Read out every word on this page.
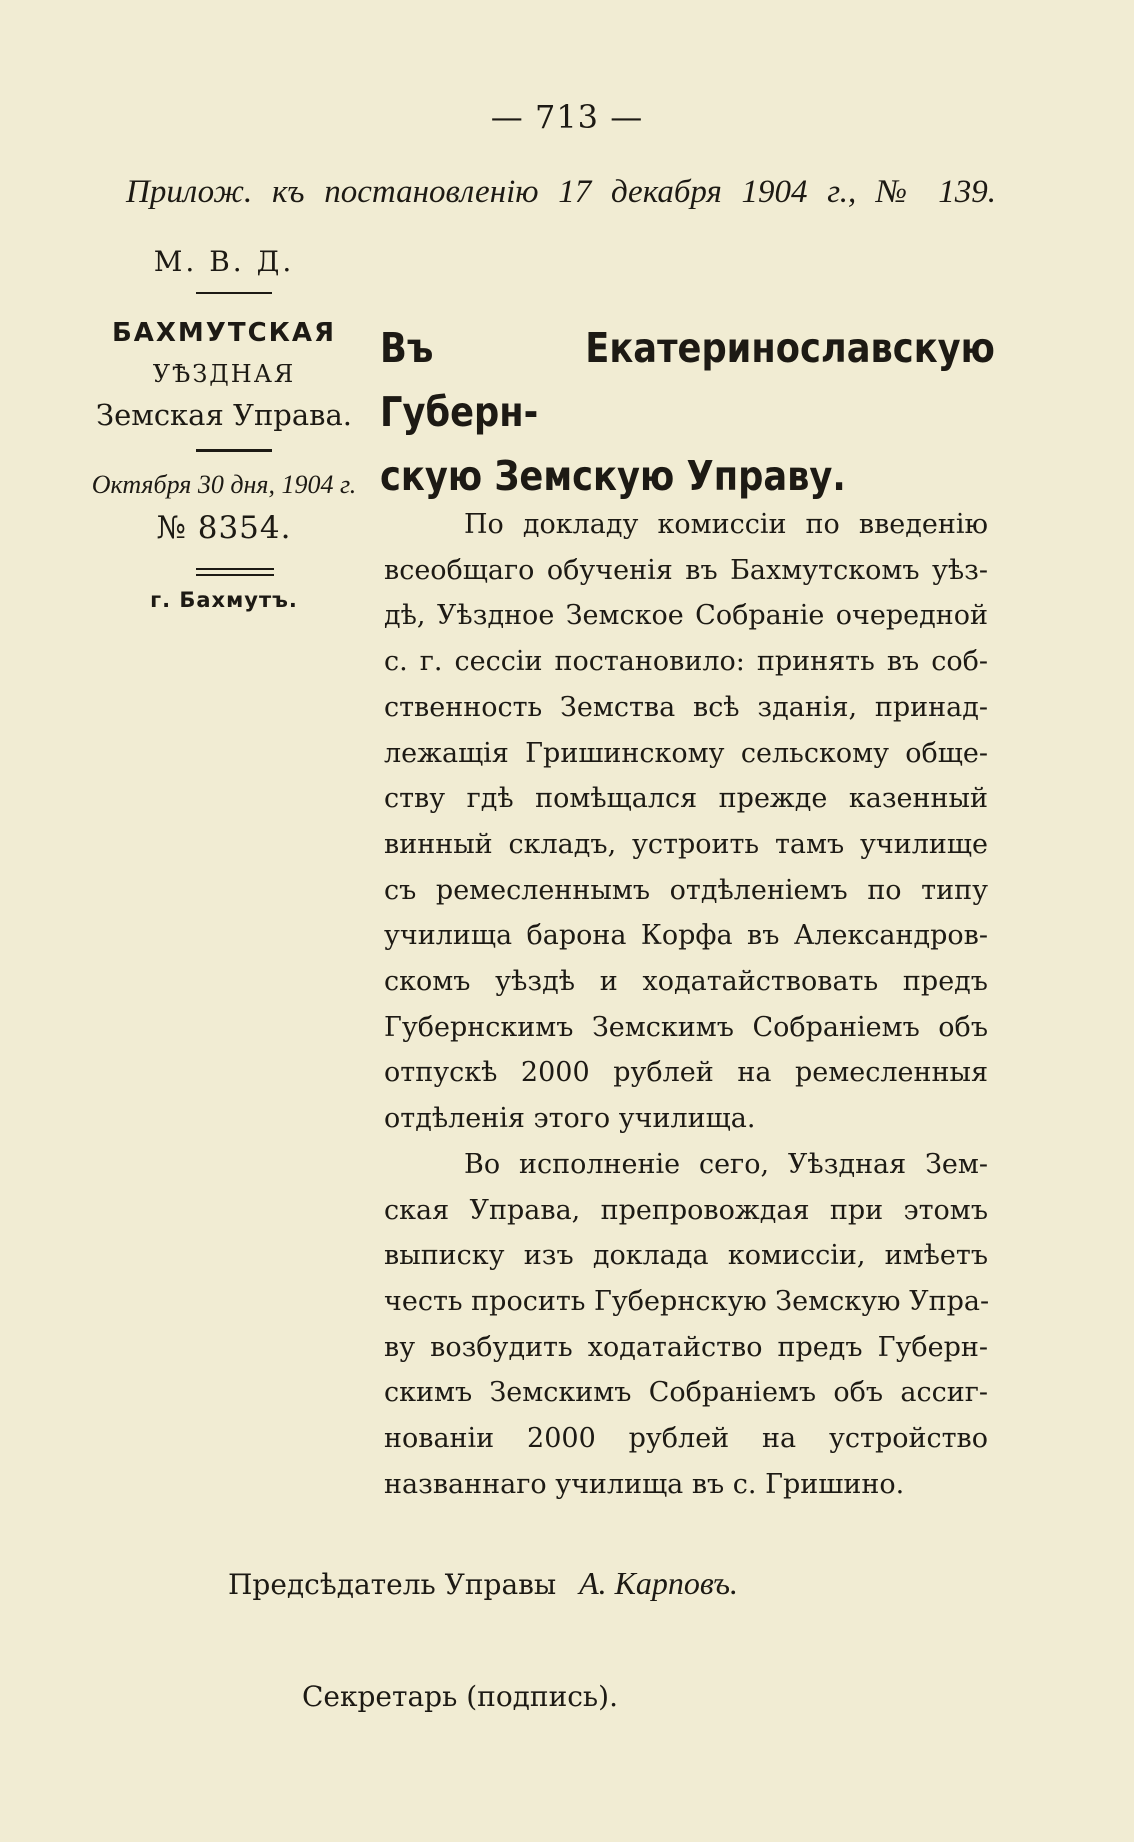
— 713 —
Прилож. къ постановленію 17 декабря 1904 г., № 139.
М. В. Д.
БАХМУТСКАЯ
УѢЗДНАЯ
Земская Управа.
Октября 30 дня, 1904 г.
№ 8354.
г. Бахмутъ.
Въ Екатеринославскую Губерн-
скую Земскую Управу.
По докладу комиссіи по введенію
всеобщаго обученія въ Бахмутскомъ уѣз-
дѣ, Уѣздное Земское Собраніе очередной
с. г. сессіи постановило: принять въ соб-
ственность Земства всѣ зданія, принад-
лежащія Гришинскому сельскому обще-
ству гдѣ помѣщался прежде казенный
винный складъ, устроить тамъ училище
съ ремесленнымъ отдѣленіемъ по типу
училища барона Корфа въ Александров-
скомъ уѣздѣ и ходатайствовать предъ
Губернскимъ Земскимъ Собраніемъ объ
отпускѣ 2000 рублей на ремесленныя
отдѣленія этого училища.
Во исполненіе сего, Уѣздная Зем-
ская Управа, препровождая при этомъ
выписку изъ доклада комиссіи, имѣетъ
честь просить Губернскую Земскую Упра-
ву возбудить ходатайство предъ Губерн-
скимъ Земскимъ Собраніемъ объ ассиг-
нованіи 2000 рублей на устройство
названнаго училища въ с. Гришино.
Предсѣдатель Управы А. Карповъ.
Секретарь (подпись).
